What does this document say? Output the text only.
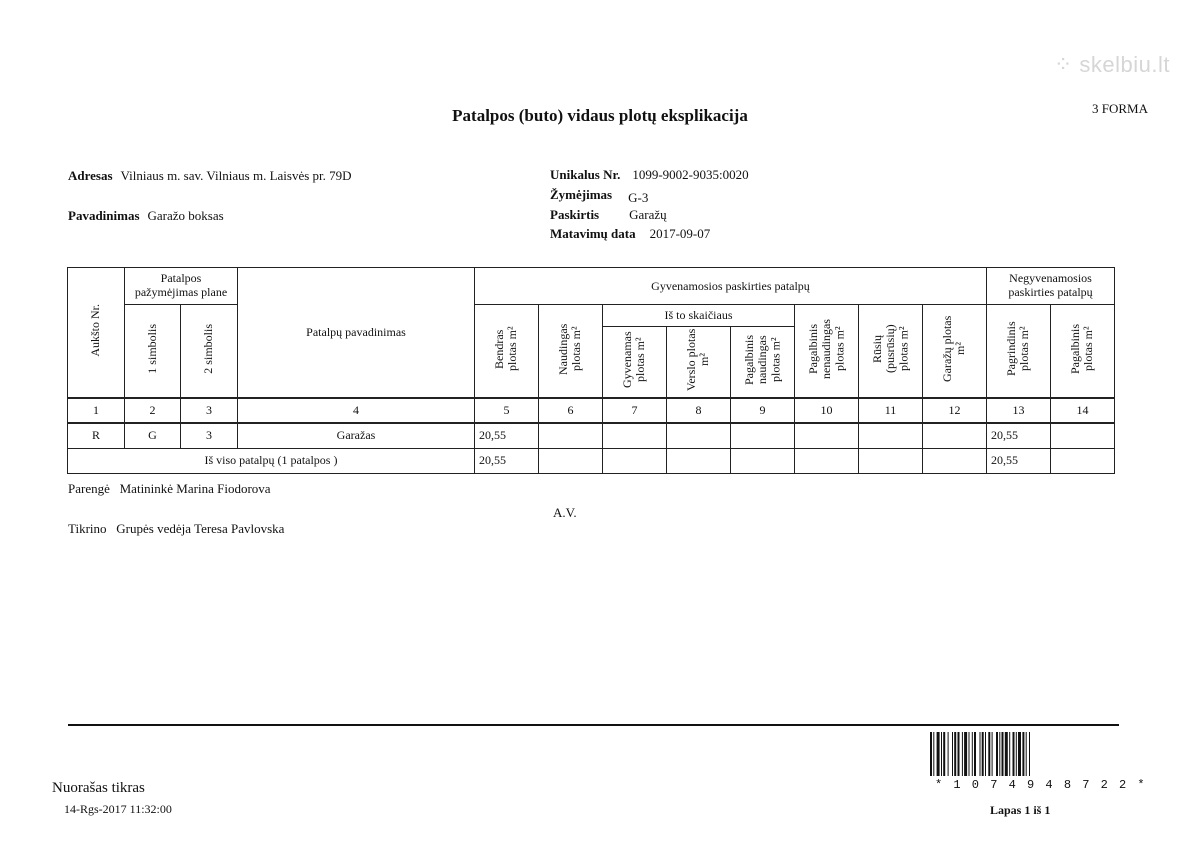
⁘ skelbiu.lt
Patalpos (buto) vidaus plotų eksplikacija	3 FORMA
Adresas Vilniaus m. sav. Vilniaus m. Laisvės pr. 79D
Pavadinimas Garažo boksas
Unikalus Nr. 1099-9002-9035:0020
Žymėjimas G-3
Paskirtis Garažų
Matavimų data 2017-09-07
Aukšto Nr.	Patalpos pažymėjimas plane		Patalpų pavadinimas	Gyvenamosios paskirties patalpų								Negyvenamosios paskirties patalpų	
	1 simbolis	2 simbolis		Bendras plotas m²	Naudingas plotas m²	Iš to skaičiaus			Pagalbinis nenaudingas plotas m²	Rūsių (pusrūsių) plotas m²	Garažų plotas m²	Pagrindinis plotas m²	Pagalbinis plotas m²
						Gyvenamas plotas m²	Verslo plotas m²	Pagalbinis naudingas plotas m²					
1	2	3	4	5	6	7	8	9	10	11	12	13	14
R	G	3	Garažas	20,55								20,55	
Iš viso patalpų (1 patalpos )				20,55								20,55	
Parengė Matininkė Marina Fiodorova
A.V.
Tikrino Grupės vedėja Teresa Pavlovska
* 1 0 7 4 9 4 8 7 2 2 *
Nuorašas tikras
14-Rgs-2017 11:32:00	Lapas 1 iš 1
